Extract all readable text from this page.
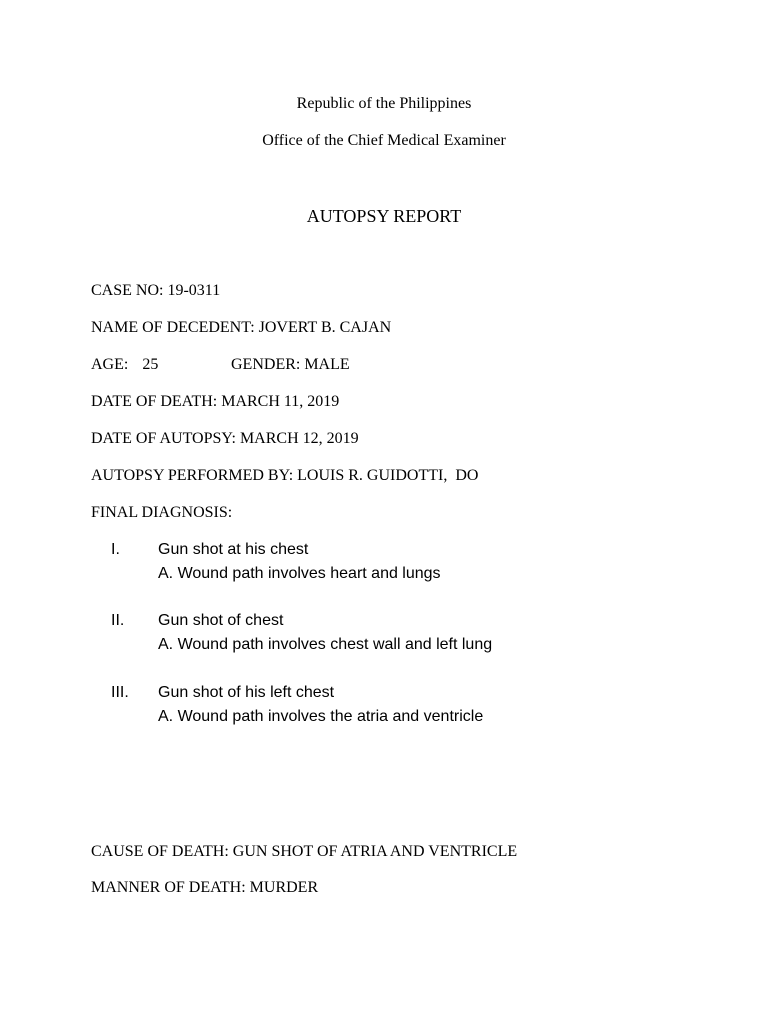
Republic of the Philippines
Office of the Chief Medical Examiner
AUTOPSY REPORT
CASE NO: 19-0311
NAME OF DECEDENT: JOVERT B. CAJAN
AGE: 25	GENDER: MALE
DATE OF DEATH: MARCH 11, 2019
DATE OF AUTOPSY: MARCH 12, 2019
AUTOPSY PERFORMED BY: LOUIS R. GUIDOTTI,  DO
FINAL DIAGNOSIS:
I. Gun shot at his chest
A. Wound path involves heart and lungs
II. Gun shot of chest
A. Wound path involves chest wall and left lung
III. Gun shot of his left chest
A. Wound path involves the atria and ventricle
CAUSE OF DEATH: GUN SHOT OF ATRIA AND VENTRICLE
MANNER OF DEATH: MURDER
